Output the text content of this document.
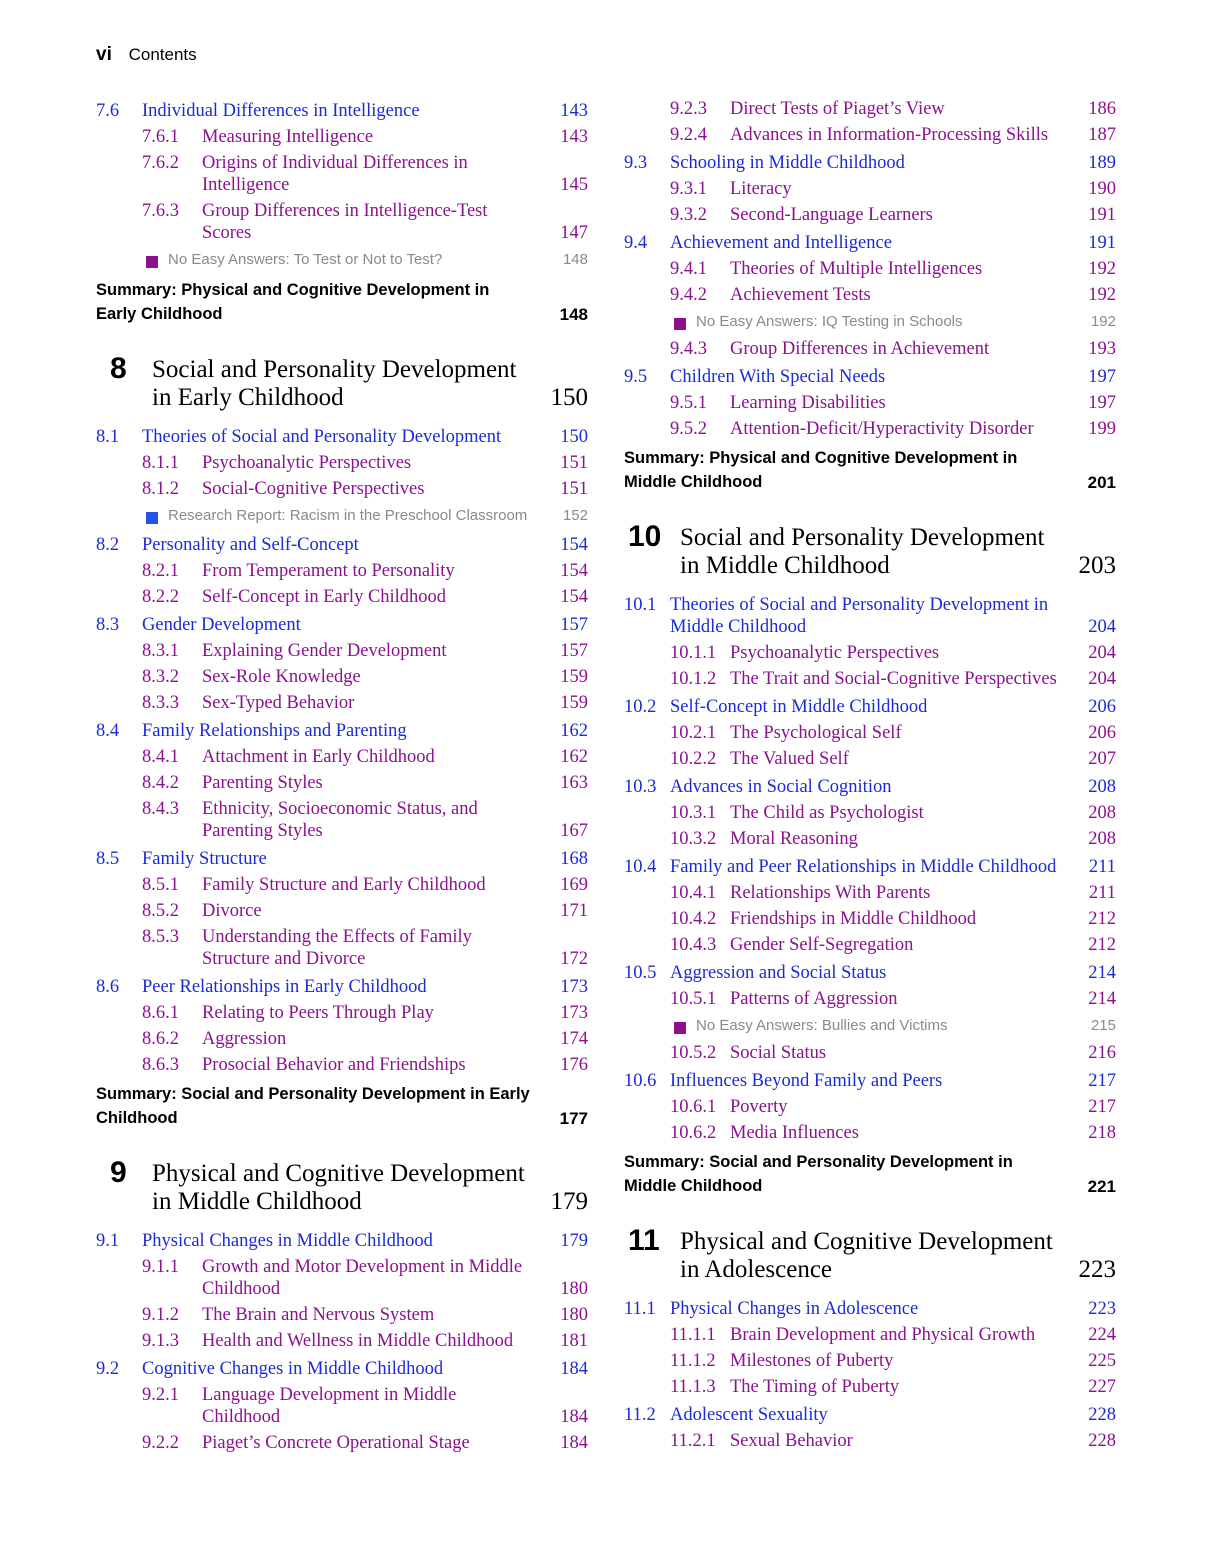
vi Contents
7.6	Individual Differences in Intelligence	143
7.6.1	Measuring Intelligence	143
7.6.2	Origins of Individual Differences in Intelligence	145
7.6.3	Group Differences in Intelligence-Test Scores	147
No Easy Answers: To Test or Not to Test?	148
Summary: Physical and Cognitive Development in Early Childhood	148
8	Social and Personality Development in Early Childhood	150
8.1	Theories of Social and Personality Development	150
8.1.1	Psychoanalytic Perspectives	151
8.1.2	Social-Cognitive Perspectives	151
Research Report: Racism in the Preschool Classroom	152
8.2	Personality and Self-Concept	154
8.2.1	From Temperament to Personality	154
8.2.2	Self-Concept in Early Childhood	154
8.3	Gender Development	157
8.3.1	Explaining Gender Development	157
8.3.2	Sex-Role Knowledge	159
8.3.3	Sex-Typed Behavior	159
8.4	Family Relationships and Parenting	162
8.4.1	Attachment in Early Childhood	162
8.4.2	Parenting Styles	163
8.4.3	Ethnicity, Socioeconomic Status, and Parenting Styles	167
8.5	Family Structure	168
8.5.1	Family Structure and Early Childhood	169
8.5.2	Divorce	171
8.5.3	Understanding the Effects of Family Structure and Divorce	172
8.6	Peer Relationships in Early Childhood	173
8.6.1	Relating to Peers Through Play	173
8.6.2	Aggression	174
8.6.3	Prosocial Behavior and Friendships	176
Summary: Social and Personality Development in Early Childhood	177
9	Physical and Cognitive Development in Middle Childhood	179
9.1	Physical Changes in Middle Childhood	179
9.1.1	Growth and Motor Development in Middle Childhood	180
9.1.2	The Brain and Nervous System	180
9.1.3	Health and Wellness in Middle Childhood	181
9.2	Cognitive Changes in Middle Childhood	184
9.2.1	Language Development in Middle Childhood	184
9.2.2	Piaget’s Concrete Operational Stage	184
9.2.3	Direct Tests of Piaget’s View	186
9.2.4	Advances in Information-Processing Skills	187
9.3	Schooling in Middle Childhood	189
9.3.1	Literacy	190
9.3.2	Second-Language Learners	191
9.4	Achievement and Intelligence	191
9.4.1	Theories of Multiple Intelligences	192
9.4.2	Achievement Tests	192
No Easy Answers: IQ Testing in Schools	192
9.4.3	Group Differences in Achievement	193
9.5	Children With Special Needs	197
9.5.1	Learning Disabilities	197
9.5.2	Attention-Deficit/Hyperactivity Disorder	199
Summary: Physical and Cognitive Development in Middle Childhood	201
10 Social and Personality Development in Middle Childhood	203
10.1 Theories of Social and Personality Development in Middle Childhood	204
10.1.1 Psychoanalytic Perspectives	204
10.1.2 The Trait and Social-Cognitive Perspectives	204
10.2 Self-Concept in Middle Childhood	206
10.2.1 The Psychological Self	206
10.2.2 The Valued Self	207
10.3 Advances in Social Cognition	208
10.3.1 The Child as Psychologist	208
10.3.2 Moral Reasoning	208
10.4 Family and Peer Relationships in Middle Childhood	211
10.4.1 Relationships With Parents	211
10.4.2 Friendships in Middle Childhood	212
10.4.3 Gender Self-Segregation	212
10.5 Aggression and Social Status	214
10.5.1 Patterns of Aggression	214
No Easy Answers: Bullies and Victims	215
10.5.2 Social Status	216
10.6 Influences Beyond Family and Peers	217
10.6.1 Poverty	217
10.6.2 Media Influences	218
Summary: Social and Personality Development in Middle Childhood	221
11 Physical and Cognitive Development in Adolescence	223
11.1 Physical Changes in Adolescence	223
11.1.1 Brain Development and Physical Growth	224
11.1.2 Milestones of Puberty	225
11.1.3 The Timing of Puberty	227
11.2 Adolescent Sexuality	228
11.2.1 Sexual Behavior	228
